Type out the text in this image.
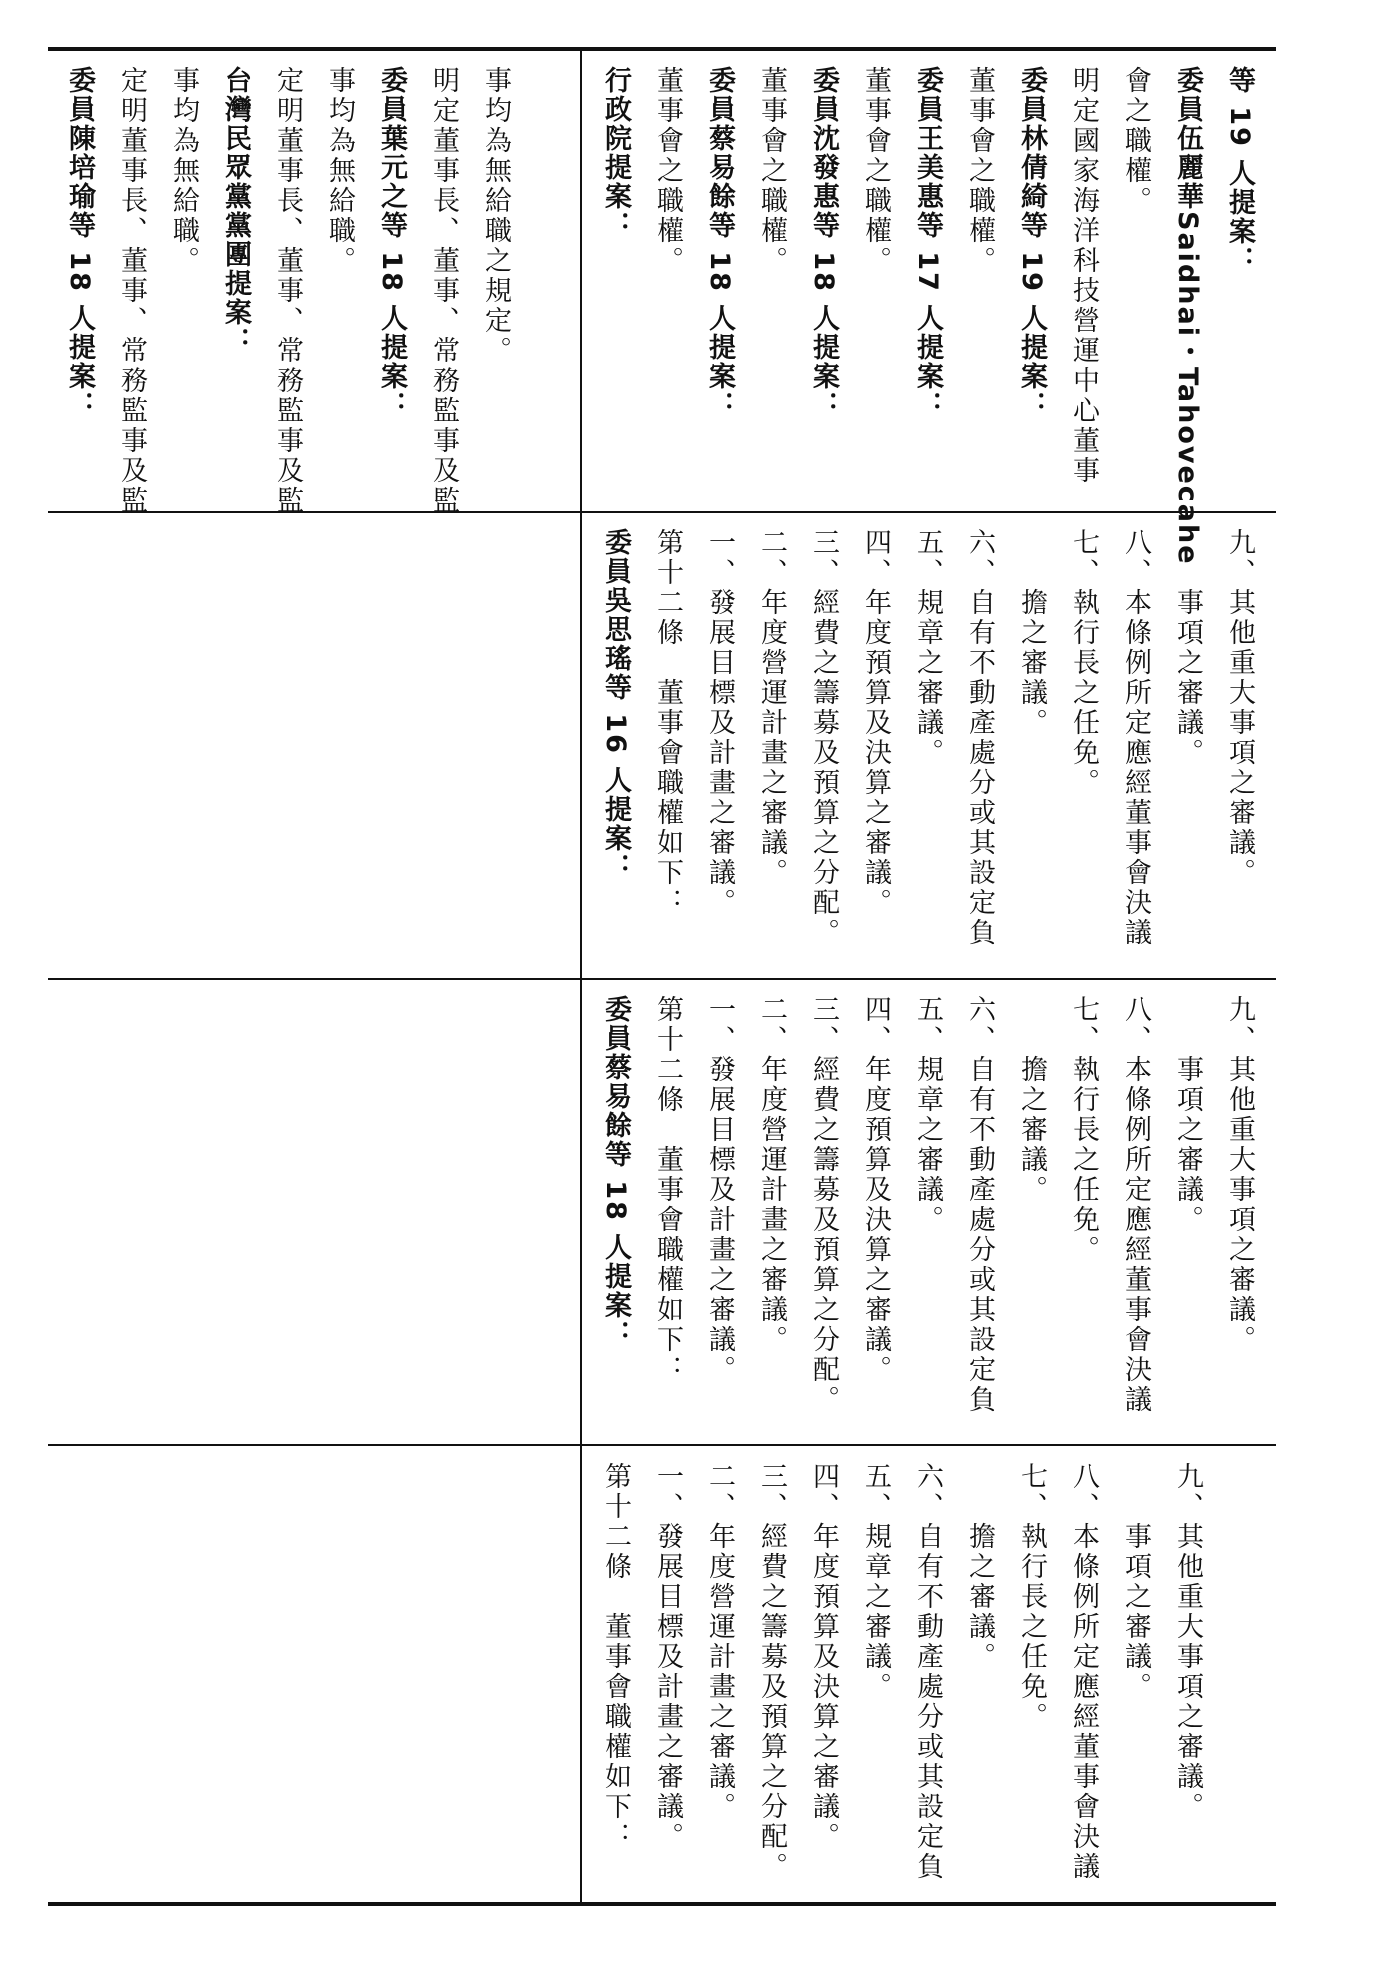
委員陳培瑜等 18 人提案： 定明董事長、董事、常務監事及監 事均為無給職。 台灣民眾黨黨團提案： 定明董事長、董事、常務監事及監 事均為無給職。 委員葉元之等 18 人提案： 明定董事長、董事、常務監事及監 事均為無給職之規定。	行政院提案： 董事會之職權。 委員蔡易餘等 18 人提案： 董事會之職權。 委員沈發惠等 18 人提案： 董事會之職權。 委員王美惠等 17 人提案： 董事會之職權。 委員林倩綺等 19 人提案： 明定國家海洋科技營運中心董事 會之職權。 委員伍麗華Saidhai・Tahovecahe 等 19 人提案：
委員吳思瑤等 16 人提案： 第十二條　董事會職權如下： 一、發展目標及計畫之審議。 二、年度營運計畫之審議。 三、經費之籌募及預算之分配。 四、年度預算及決算之審議。 五、規章之審議。 六、自有不動產處分或其設定負 　　擔之審議。 七、執行長之任免。 八、本條例所定應經董事會決議 　　事項之審議。 九、其他重大事項之審議。
委員蔡易餘等 18 人提案： 第十二條　董事會職權如下： 一、發展目標及計畫之審議。 二、年度營運計畫之審議。 三、經費之籌募及預算之分配。 四、年度預算及決算之審議。 五、規章之審議。 六、自有不動產處分或其設定負 　　擔之審議。 七、執行長之任免。 八、本條例所定應經董事會決議 　　事項之審議。 九、其他重大事項之審議。
第十二條　董事會職權如下： 一、發展目標及計畫之審議。 二、年度營運計畫之審議。 三、經費之籌募及預算之分配。 四、年度預算及決算之審議。 五、規章之審議。 六、自有不動產處分或其設定負 　　擔之審議。 七、執行長之任免。 八、本條例所定應經董事會決議 　　事項之審議。 九、其他重大事項之審議。
